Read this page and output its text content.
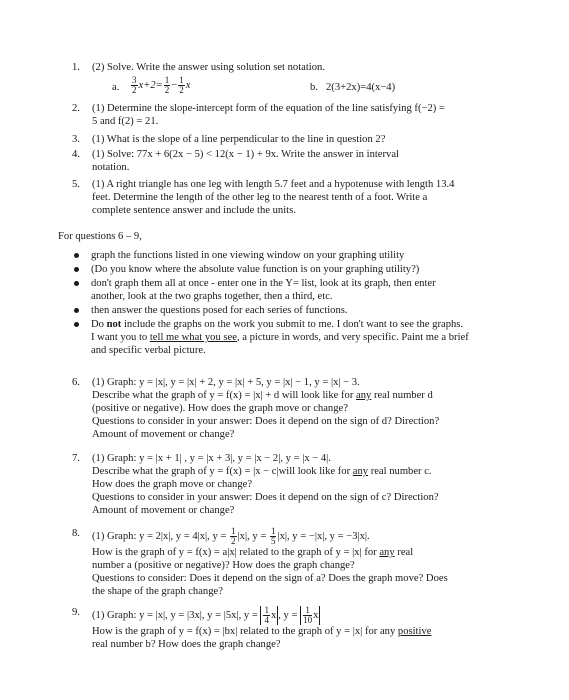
1. (2) Solve. Write the answer using solution set notation.
a. $\frac{3}{2} x+2= \frac{1}{2} - \frac{1}{2}$ x	b. 2(3+2x)=4(x−4)
2. (1) Determine the slope-intercept form of the equation of the line satisfying f(−2) =
5 and f(2) = 21.
3. (1) What is the slope of a line perpendicular to the line in question 2?
4. (1) Solve: 77x + 6(2x − 5) < 12(x − 1) + 9x. Write the answer in interval
notation.
5. (1) A right triangle has one leg with length 5.7 feet and a hypotenuse with length 13.4
feet. Determine the length of the other leg to the nearest tenth of a foot. Write a
complete sentence answer and include the units.
For questions 6 – 9,
graph the functions listed in one viewing window on your graphing utility
(Do you know where the absolute value function is on your graphing utility?)
don't graph them all at once - enter one in the Y= list, look at its graph, then enter
another, look at the two graphs together, then a third, etc.
then answer the questions posed for each series of functions.
Do not include the graphs on the work you submit to me. I don't want to see the graphs.
I want you to tell me what you see, a picture in words, and very specific. Paint me a brief
and specific verbal picture.
6. (1) Graph: y = |x|, y = |x| + 2, y = |x| + 5, y = |x| − 1, y = |x| − 3.
Describe what the graph of y = f(x) = |x| + d will look like for any real number d
(positive or negative). How does the graph move or change?
Questions to consider in your answer: Does it depend on the sign of d? Direction?
Amount of movement or change?
7. (1) Graph: y = |x + 1| , y = |x + 3|, y = |x − 2|, y = |x − 4|.
Describe what the graph of y = f(x) = |x − c|will look like for any real number c.
How does the graph move or change?
Questions to consider in your answer: Does it depend on the sign of c? Direction?
Amount of movement or change?
8. (1) Graph: y = 2|x|, y = 4|x|, $y = \frac{1}{2} |x|$, $y = \frac{1}{5} |x|$, y = −|x|, y = −3|x|.
How is the graph of y = f(x) = a|x| related to the graph of y = |x| for any real
number a (positive or negative)? How does the graph change?
Questions to consider: Does it depend on the sign of a? Does the graph move? Does
the shape of the graph change?
9. (1) Graph: y = |x|, y = |3x|, y = |5x|, $y = \frac{1}{4}$ x , $y = \frac{1}{10}$ x
How is the graph of y = f(x) = |bx| related to the graph of y = |x| for any positive
real number b? How does the graph change?
